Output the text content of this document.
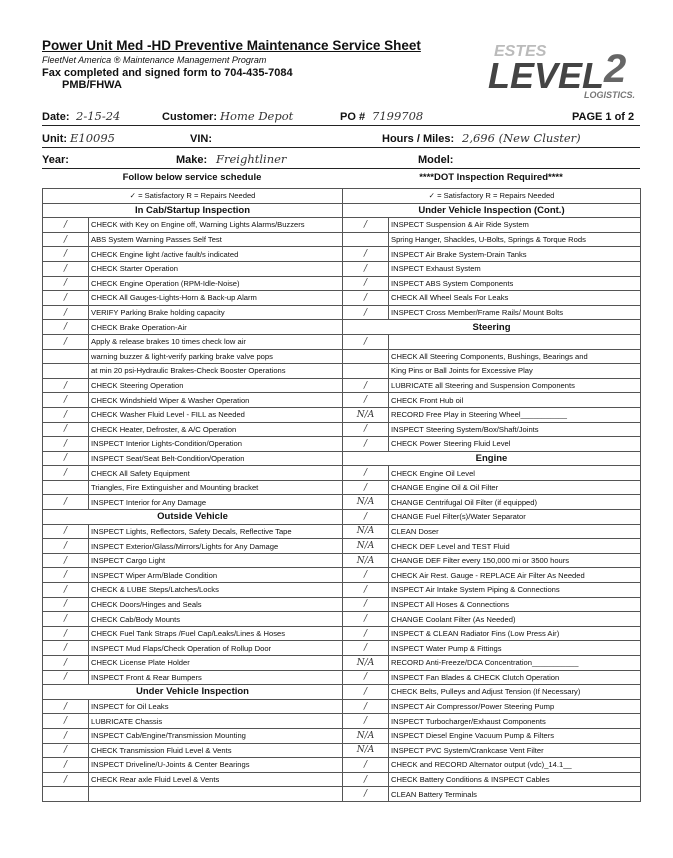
Power Unit Med -HD Preventive Maintenance Service Sheet
FleetNet America ® Maintenance Management Program
Fax completed and signed form to 704-435-7084
PMB/FHWA
ESTES
LEVEL 2
LOGISTICS.
Date: 2-15-24	Customer: Home Depot	PO # 7199708	PAGE 1 of 2
Unit: E10095	VIN:	Hours / Miles: 2,696 (New Cluster)
Year:	Make: Freightliner	Model:
Follow below service schedule	****DOT Inspection Required****
✓ = Satisfactory R = Repairs Needed		✓ = Satisfactory R = Repairs Needed	
In Cab/Startup Inspection		Under Vehicle Inspection (Cont.)	
/	CHECK with Key on Engine off, Warning Lights Alarms/Buzzers	/	INSPECT Suspension & Air Ride System
/	ABS System Warning Passes Self Test		Spring Hanger, Shackles, U-Bolts, Springs & Torque Rods
/	CHECK Engine light /active fault/s indicated	/	INSPECT Air Brake System-Drain Tanks
/	CHECK Starter Operation	/	INSPECT Exhaust System
/	CHECK Engine Operation (RPM-Idle-Noise)	/	INSPECT ABS System Components
/	CHECK All Gauges-Lights-Horn & Back-up Alarm	/	CHECK All Wheel Seals For Leaks
/	VERIFY Parking Brake holding capacity	/	INSPECT Cross Member/Frame Rails/ Mount Bolts
/	CHECK Brake Operation-Air	Steering	
/	Apply & release brakes 10 times check low air	/	
	warning buzzer & light-verify parking brake valve pops		CHECK All Steering Components, Bushings, Bearings and
	at min 20 psi-Hydraulic Brakes-Check Booster Operations		King Pins or Ball Joints for Excessive Play
/	CHECK Steering Operation	/	LUBRICATE all Steering and Suspension Components
/	CHECK Windshield Wiper & Washer Operation	/	CHECK Front Hub oil
/	CHECK Washer Fluid Level - FILL as Needed	N/A	RECORD Free Play in Steering Wheel___________
/	CHECK Heater, Defroster, & A/C Operation	/	INSPECT Steering System/Box/Shaft/Joints
/	INSPECT Interior Lights-Condition/Operation	/	CHECK Power Steering Fluid Level
/	INSPECT Seat/Seat Belt-Condition/Operation	Engine	
/	CHECK All Safety Equipment	/	CHECK Engine Oil Level
	Triangles, Fire Extinguisher and Mounting bracket	/	CHANGE Engine Oil & Oil Filter
/	INSPECT Interior for Any Damage	N/A	CHANGE Centrifugal Oil Filter (if equipped)
Outside Vehicle		/	CHANGE Fuel Filter(s)/Water Separator
/	INSPECT Lights, Reflectors, Safety Decals, Reflective Tape	N/A	CLEAN Doser
/	INSPECT Exterior/Glass/Mirrors/Lights for Any Damage	N/A	CHECK DEF Level and TEST Fluid
/	INSPECT Cargo Light	N/A	CHANGE DEF Filter every 150,000 mi or 3500 hours
/	INSPECT Wiper Arm/Blade Condition	/	CHECK Air Rest. Gauge - REPLACE Air Filter As Needed
/	CHECK & LUBE Steps/Latches/Locks	/	INSPECT Air Intake System Piping & Connections
/	CHECK Doors/Hinges and Seals	/	INSPECT All Hoses & Connections
/	CHECK Cab/Body Mounts	/	CHANGE Coolant Filter (As Needed)
/	CHECK Fuel Tank Straps /Fuel Cap/Leaks/Lines & Hoses	/	INSPECT & CLEAN Radiator Fins (Low Press Air)
/	INSPECT Mud Flaps/Check Operation of Rollup Door	/	INSPECT Water Pump & Fittings
/	CHECK License Plate Holder	N/A	RECORD Anti-Freeze/DCA Concentration___________
/	INSPECT Front & Rear Bumpers	/	INSPECT Fan Blades & CHECK Clutch Operation
Under Vehicle Inspection		/	CHECK Belts, Pulleys and Adjust Tension (If Necessary)
/	INSPECT for Oil Leaks	/	INSPECT Air Compressor/Power Steering Pump
/	LUBRICATE Chassis	/	INSPECT Turbocharger/Exhaust Components
/	INSPECT Cab/Engine/Transmission Mounting	N/A	INSPECT Diesel Engine Vacuum Pump & Filters
/	CHECK Transmission Fluid Level & Vents	N/A	INSPECT PVC System/Crankcase Vent Filter
/	INSPECT Driveline/U-Joints & Center Bearings	/	CHECK and RECORD Alternator output (vdc)_14.1__
/	CHECK Rear axle Fluid Level & Vents	/	CHECK Battery Conditions & INSPECT Cables
		/	CLEAN Battery Terminals
